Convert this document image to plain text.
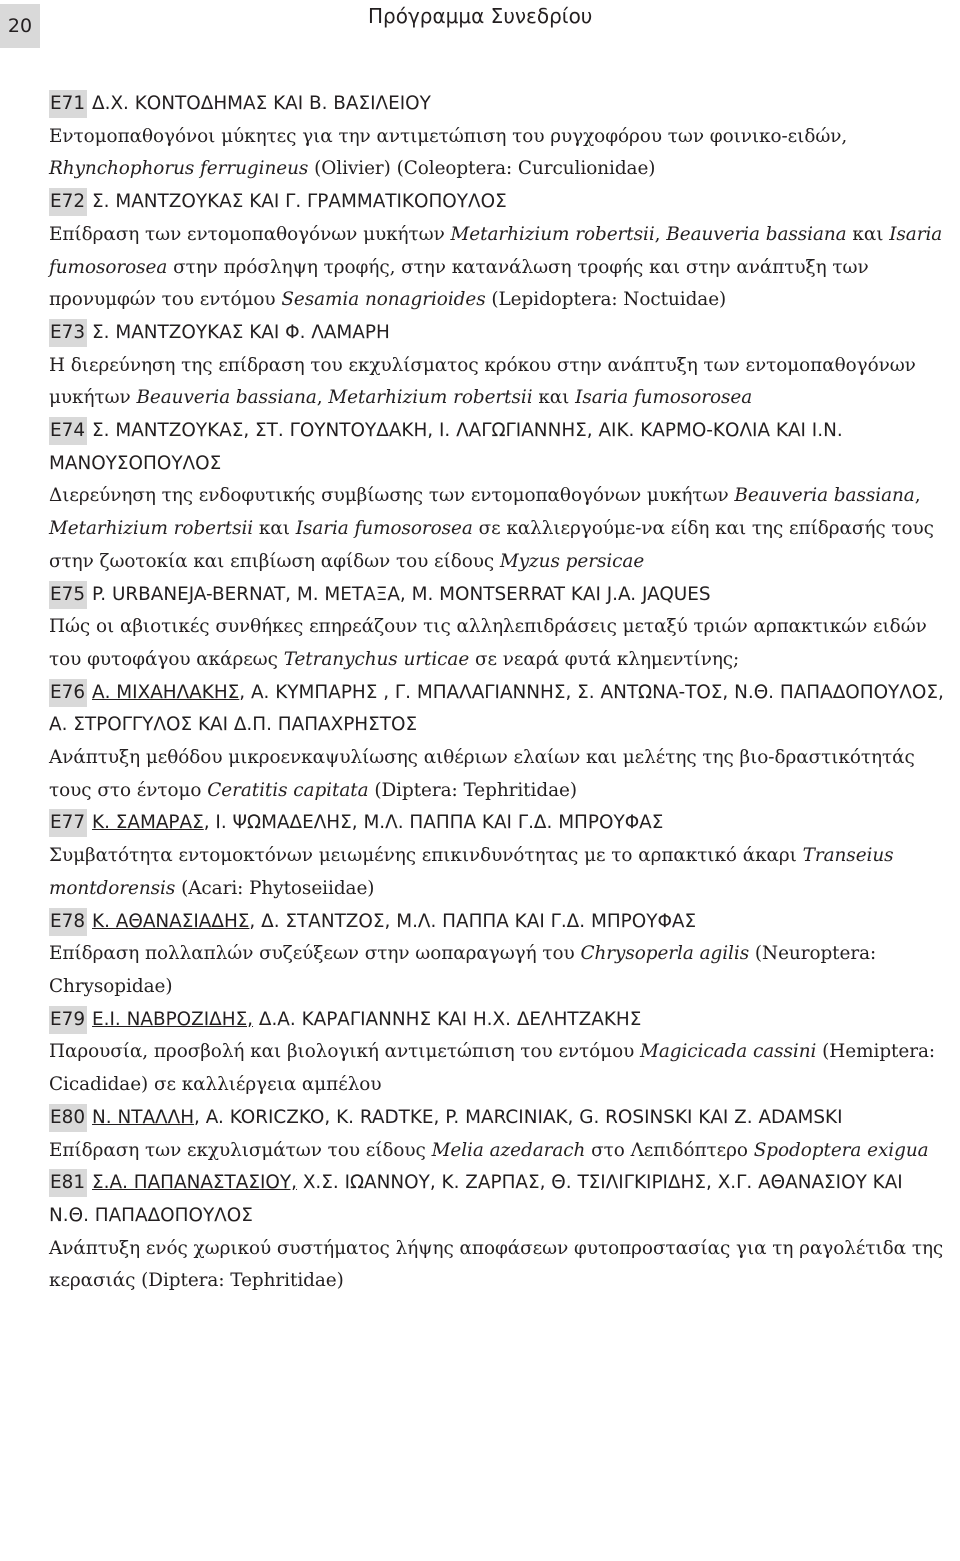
20	Πρόγραμμα Συνεδρίου

E71 Δ.Χ. ΚΟΝΤΟΔΗΜΑΣ ΚΑΙ Β. ΒΑΣΙΛΕΙΟΥ

Εντομοπαθογόνοι μύκητες για την αντιμετώπιση του ρυγχοφόρου των φοινικο-ειδών, Rhynchophorus ferrugineus (Olivier) (Coleoptera: Curculionidae)

E72 Σ. ΜΑΝΤΖΟΥΚΑΣ ΚΑΙ Γ. ΓΡΑΜΜΑΤΙΚΟΠΟΥΛΟΣ

Επίδραση των εντομοπαθογόνων μυκήτων Metarhizium robertsii, Beauveria bassiana και Isaria fumosorosea στην πρόσληψη τροφής, στην κατανάλωση τροφής και στην ανάπτυξη των προνυμφών του εντόμου Sesamia nonagrioides (Lepidoptera: Noctuidae)

E73 Σ. ΜΑΝΤΖΟΥΚΑΣ ΚΑΙ Φ. ΛΑΜΑΡΗ

Η διερεύνηση της επίδραση του εκχυλίσματος κρόκου στην ανάπτυξη των εντομοπαθογόνων μυκήτων Beauveria bassiana, Metarhizium robertsii και Isaria fumosorosea

E74 Σ. ΜΑΝΤΖΟΥΚΑΣ, ΣΤ. ΓΟΥΝΤΟΥΔΑΚΗ, Ι. ΛΑΓΩΓΙΑΝΝΗΣ, ΑΙΚ. ΚΑΡΜΟ-ΚΟΛΙΑ ΚΑΙ Ι.Ν. ΜΑΝΟΥΣΟΠΟΥΛΟΣ

Διερεύνηση της ενδοφυτικής συμβίωσης των εντομοπαθογόνων μυκήτων Beauveria bassiana, Metarhizium robertsii και Isaria fumosorosea σε καλλιεργούμε-να είδη και της επίδρασής τους στην ζωοτοκία και επιβίωση αφίδων του είδους Myzus persicae

E75 P. URBANEJA-BERNAT, Μ. ΜΕΤΑΞΑ, M. MONTSERRAT ΚΑΙ J.A. JAQUES

Πώς οι αβιοτικές συνθήκες επηρεάζουν τις αλληλεπιδράσεις μεταξύ τριών αρπακτικών ειδών του φυτοφάγου ακάρεως Tetranychus urticae σε νεαρά φυτά κλημεντίνης;

E76 Α. ΜΙΧΑΗΛΑΚΗΣ, Α. ΚΥΜΠΑΡΗΣ , Γ. ΜΠΑΛΑΓΙΑΝΝΗΣ, Σ. ΑΝΤΩΝΑ-ΤΟΣ, Ν.Θ. ΠΑΠΑΔΟΠΟΥΛΟΣ, Α. ΣΤΡΟΓΓΥΛΟΣ ΚΑΙ Δ.Π. ΠΑΠΑΧΡΗΣΤΟΣ

Ανάπτυξη μεθόδου μικροενκαψυλίωσης αιθέριων ελαίων και μελέτης της βιο-δραστικότητάς τους στο έντομο Ceratitis capitata (Diptera: Tephritidae)

E77 Κ. ΣΑΜΑΡΑΣ, Ι. ΨΩΜΑΔΕΛΗΣ, Μ.Λ. ΠΑΠΠΑ ΚΑΙ Γ.Δ. ΜΠΡΟΥΦΑΣ

Συμβατότητα εντομοκτόνων μειωμένης επικινδυνότητας με το αρπακτικό άκαρι Transeius montdorensis (Acari: Phytoseiidae)

E78 Κ. ΑΘΑΝΑΣΙΑΔΗΣ, Δ. ΣΤΑΝΤΖΟΣ, Μ.Λ. ΠΑΠΠΑ ΚΑΙ Γ.Δ. ΜΠΡΟΥΦΑΣ

Επίδραση πολλαπλών συζεύξεων στην ωοπαραγωγή του Chrysoperla agilis (Neuroptera: Chrysopidae)

E79 Ε.Ι. ΝΑΒΡΟΖΙΔΗΣ, Δ.Α. ΚΑΡΑΓΙΑΝΝΗΣ ΚΑΙ Η.Χ. ΔΕΛΗΤΖΑΚΗΣ

Παρουσία, προσβολή και βιολογική αντιμετώπιση του εντόμου Magicicada cassini (Hemiptera: Cicadidae) σε καλλιέργεια αμπέλου

E80 Ν. ΝΤΑΛΛΗ, A. KORICZKO, K. RADTKE, P. MARCINIAK, G. ROSINSKI ΚΑΙ Z. ADAMSKI

Επίδραση των εκχυλισμάτων του είδους Melia azedarach στο Λεπιδόπτερο Spodoptera exigua

E81 Σ.Α. ΠΑΠΑΝΑΣΤΑΣΙΟΥ, Χ.Σ. ΙΩΑΝΝΟΥ, Κ. ΖΑΡΠΑΣ, Θ. ΤΣΙΛΙΓΚΙΡΙΔΗΣ, Χ.Γ. ΑΘΑΝΑΣΙΟΥ ΚΑΙ Ν.Θ. ΠΑΠΑΔΟΠΟΥΛΟΣ

Ανάπτυξη ενός χωρικού συστήματος λήψης αποφάσεων φυτοπροστασίας για τη ραγολέτιδα της κερασιάς (Diptera: Tephritidae)
